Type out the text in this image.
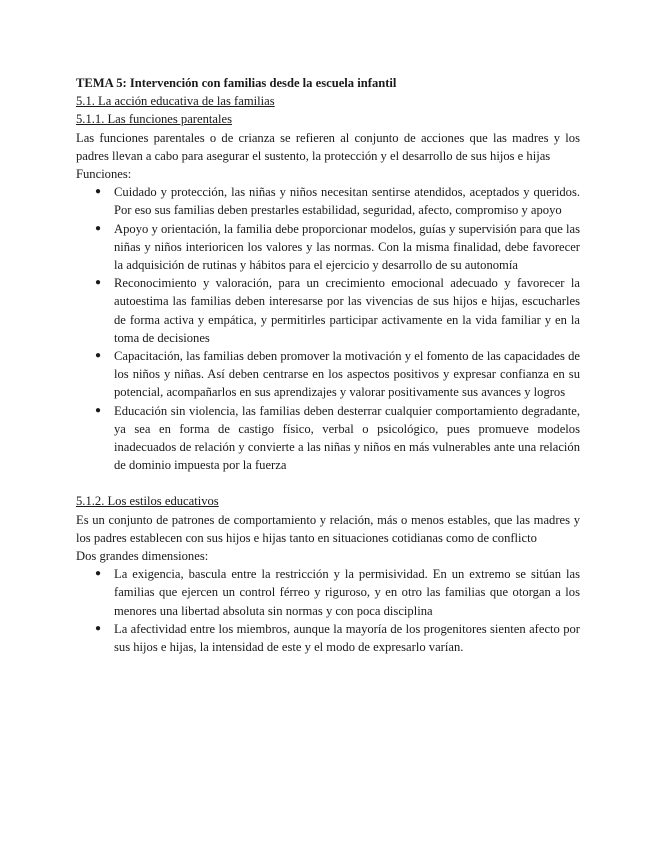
TEMA 5: Intervención con familias desde la escuela infantil

5.1. La acción educativa de las familias

5.1.1. Las funciones parentales

Las funciones parentales o de crianza se refieren al conjunto de acciones que las madres y los padres llevan a cabo para asegurar el sustento, la protección y el desarrollo de sus hijos e hijas

Funciones:

● Cuidado y protección, las niñas y niños necesitan sentirse atendidos, aceptados y queridos. Por eso sus familias deben prestarles estabilidad, seguridad, afecto, compromiso y apoyo
● Apoyo y orientación, la familia debe proporcionar modelos, guías y supervisión para que las niñas y niños interioricen los valores y las normas. Con la misma finalidad, debe favorecer la adquisición de rutinas y hábitos para el ejercicio y desarrollo de su autonomía
● Reconocimiento y valoración, para un crecimiento emocional adecuado y favorecer la autoestima las familias deben interesarse por las vivencias de sus hijos e hijas, escucharles de forma activa y empática, y permitirles participar activamente en la vida familiar y en la toma de decisiones
● Capacitación, las familias deben promover la motivación y el fomento de las capacidades de los niños y niñas. Así deben centrarse en los aspectos positivos y expresar confianza en su potencial, acompañarlos en sus aprendizajes y valorar positivamente sus avances y logros
● Educación sin violencia, las familias deben desterrar cualquier comportamiento degradante, ya sea en forma de castigo físico, verbal o psicológico, pues promueve modelos inadecuados de relación y convierte a las niñas y niños en más vulnerables ante una relación de dominio impuesta por la fuerza

5.1.2. Los estilos educativos

Es un conjunto de patrones de comportamiento y relación, más o menos estables, que las madres y los padres establecen con sus hijos e hijas tanto en situaciones cotidianas como de conflicto

Dos grandes dimensiones:

● La exigencia, bascula entre la restricción y la permisividad. En un extremo se sitúan las familias que ejercen un control férreo y riguroso, y en otro las familias que otorgan a los menores una libertad absoluta sin normas y con poca disciplina
● La afectividad entre los miembros, aunque la mayoría de los progenitores sienten afecto por sus hijos e hijas, la intensidad de este y el modo de expresarlo varían.
